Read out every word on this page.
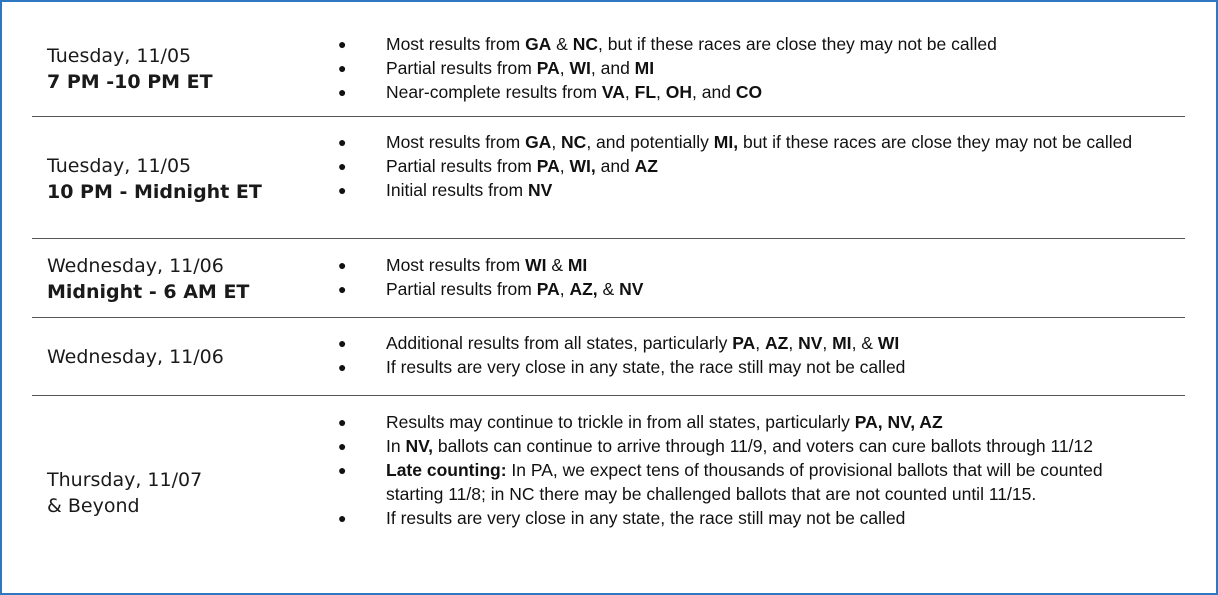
Tuesday, 11/05
7 PM -10 PM ET
● Most results from GA & NC, but if these races are close they may not be called
● Partial results from PA, WI, and MI
● Near-complete results from VA, FL, OH, and CO
Tuesday, 11/05
10 PM - Midnight ET
● Most results from GA, NC, and potentially MI, but if these races are close they may not be called
● Partial results from PA, WI, and AZ
● Initial results from NV
Wednesday, 11/06
Midnight - 6 AM ET
● Most results from WI & MI
● Partial results from PA, AZ, & NV
Wednesday, 11/06
● Additional results from all states, particularly PA, AZ, NV, MI, & WI
● If results are very close in any state, the race still may not be called
Thursday, 11/07
& Beyond
● Results may continue to trickle in from all states, particularly PA, NV, AZ
● In NV, ballots can continue to arrive through 11/9, and voters can cure ballots through 11/12
● Late counting: In PA, we expect tens of thousands of provisional ballots that will be counted starting 11/8; in NC there may be challenged ballots that are not counted until 11/15.
● If results are very close in any state, the race still may not be called
